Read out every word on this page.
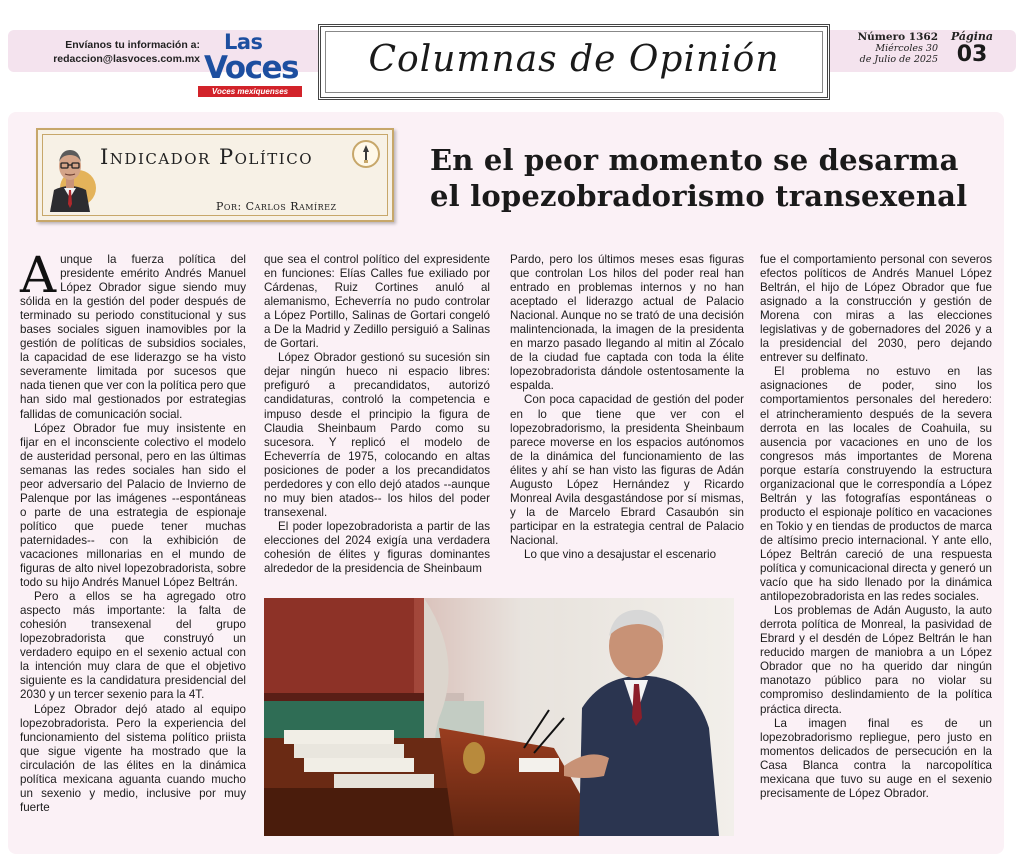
Envíanos tu información a:
redaccion@lasvoces.com.mx
Las
Voces
Voces mexiquenses
Columnas de Opinión
Número 1362
Miércoles 30
de Julio de 2025
Página
03
Indicador Político
Por: Carlos Ramírez
En el peor momento se desarma el lopezobradorismo transexenal

Aunque la fuerza política del presidente emérito Andrés Manuel López Obrador sigue siendo muy sólida en la gestión del poder después de terminado su periodo constitucional y sus bases sociales siguen inamovibles por la gestión de políticas de subsidios sociales, la capacidad de ese liderazgo se ha visto severamente limitada por sucesos que nada tienen que ver con la política pero que han sido mal gestionados por estrategias fallidas de comunicación social.

López Obrador fue muy insistente en fijar en el inconsciente colectivo el modelo de austeridad personal, pero en las últimas semanas las redes sociales han sido el peor adversario del Palacio de Invierno de Palenque por las imágenes --espontáneas o parte de una estrategia de espionaje político que puede tener muchas paternidades-- con la exhibición de vacaciones millonarias en el mundo de figuras de alto nivel lopezobradorista, sobre todo su hijo Andrés Manuel López Beltrán.

Pero a ellos se ha agregado otro aspecto más importante: la falta de cohesión transexenal del grupo lopezobradorista que construyó un verdadero equipo en el sexenio actual con la intención muy clara de que el objetivo siguiente es la candidatura presidencial del 2030 y un tercer sexenio para la 4T.

López Obrador dejó atado al equipo lopezobradorista. Pero la experiencia del funcionamiento del sistema político priista que sigue vigente ha mostrado que la circulación de las élites en la dinámica política mexicana aguanta cuando mucho un sexenio y medio, inclusive por muy fuerte

que sea el control político del expresidente en funciones: Elías Calles fue exiliado por Cárdenas, Ruiz Cortines anuló al alemanismo, Echeverría no pudo controlar a López Portillo, Salinas de Gortari congeló a De la Madrid y Zedillo persiguió a Salinas de Gortari.

López Obrador gestionó su sucesión sin dejar ningún hueco ni espacio libres: prefiguró a precandidatos, autorizó candidaturas, controló la competencia e impuso desde el principio la figura de Claudia Sheinbaum Pardo como su sucesora. Y replicó el modelo de Echeverría de 1975, colocando en altas posiciones de poder a los precandidatos perdedores y con ello dejó atados --aunque no muy bien atados-- los hilos del poder transexenal.

El poder lopezobradorista a partir de las elecciones del 2024 exigía una verdadera cohesión de élites y figuras dominantes alrededor de la presidencia de Sheinbaum

Pardo, pero los últimos meses esas figuras que controlan Los hilos del poder real han entrado en problemas internos y no han aceptado el liderazgo actual de Palacio Nacional. Aunque no se trató de una decisión malintencionada, la imagen de la presidenta en marzo pasado llegando al mitin al Zócalo de la ciudad fue captada con toda la élite lopezobradorista dándole ostentosamente la espalda.

Con poca capacidad de gestión del poder en lo que tiene que ver con el lopezobradorismo, la presidenta Sheinbaum parece moverse en los espacios autónomos de la dinámica del funcionamiento de las élites y ahí se han visto las figuras de Adán Augusto López Hernández y Ricardo Monreal Avila desgastándose por sí mismas, y la de Marcelo Ebrard Casaubón sin participar en la estrategia central de Palacio Nacional.

Lo que vino a desajustar el escenario

fue el comportamiento personal con severos efectos políticos de Andrés Manuel López Beltrán, el hijo de López Obrador que fue asignado a la construcción y gestión de Morena con miras a las elecciones legislativas y de gobernadores del 2026 y a la presidencial del 2030, pero dejando entrever su delfinato.

El problema no estuvo en las asignaciones de poder, sino los comportamientos personales del heredero: el atrincheramiento después de la severa derrota en las locales de Coahuila, su ausencia por vacaciones en uno de los congresos más importantes de Morena porque estaría construyendo la estructura organizacional que le correspondía a López Beltrán y las fotografías espontáneas o producto el espionaje político en vacaciones en Tokio y en tiendas de productos de marca de altísimo precio internacional. Y ante ello, López Beltrán careció de una respuesta política y comunicacional directa y generó un vacío que ha sido llenado por la dinámica antilopezobradorista en las redes sociales.

Los problemas de Adán Augusto, la auto derrota política de Monreal, la pasividad de Ebrard y el desdén de López Beltrán le han reducido margen de maniobra a un López Obrador que no ha querido dar ningún manotazo público para no violar su compromiso deslindamiento de la política práctica directa.

La imagen final es de un lopezobradorismo repliegue, pero justo en momentos delicados de persecución en la Casa Blanca contra la narcopolítica mexicana que tuvo su auge en el sexenio precisamente de López Obrador.
